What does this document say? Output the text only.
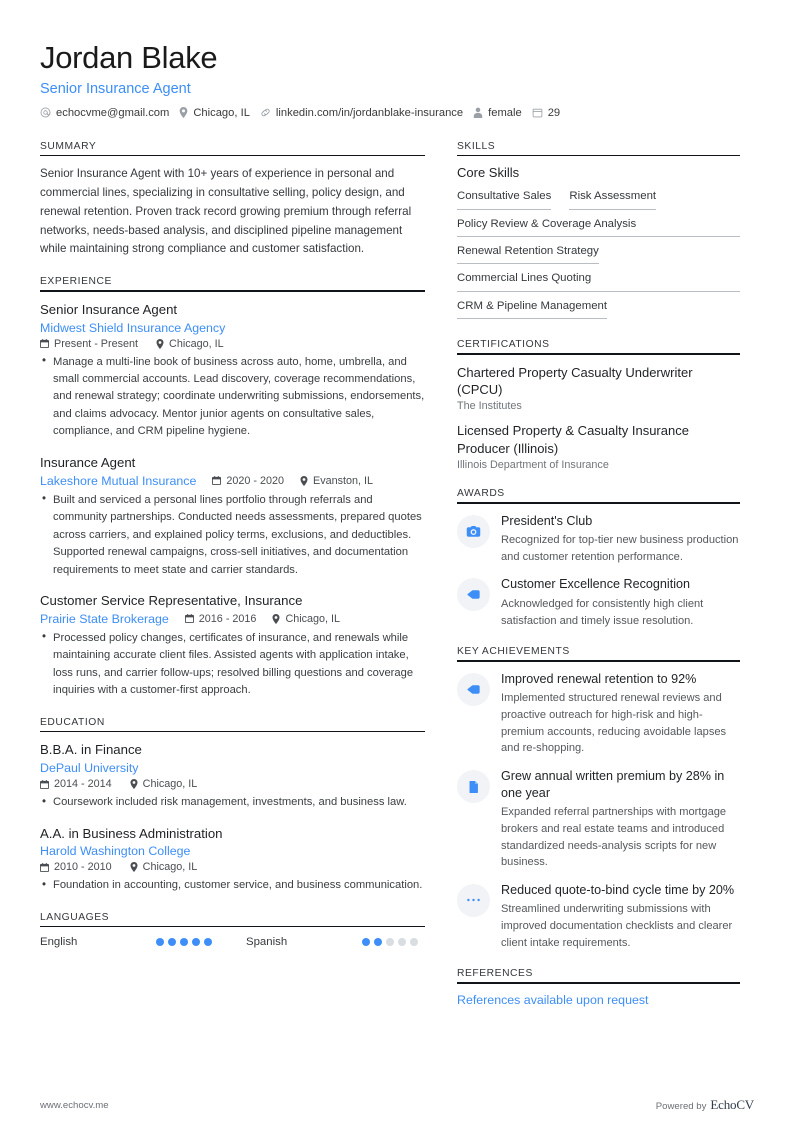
Jordan Blake
Senior Insurance Agent
echocvme@gmail.com Chicago, IL linkedin.com/in/jordanblake-insurance female 29
SUMMARY
Senior Insurance Agent with 10+ years of experience in personal and commercial lines, specializing in consultative selling, policy design, and renewal retention. Proven track record growing premium through referral networks, needs-based analysis, and disciplined pipeline management while maintaining strong compliance and customer satisfaction.
EXPERIENCE
Senior Insurance Agent
Midwest Shield Insurance Agency
Present - Present	Chicago, IL
• Manage a multi-line book of business across auto, home, umbrella, and small commercial accounts. Lead discovery, coverage recommendations, and renewal strategy; coordinate underwriting submissions, endorsements, and claims advocacy. Mentor junior agents on consultative sales, compliance, and CRM pipeline hygiene.
Insurance Agent
Lakeshore Mutual Insurance	2020 - 2020	Evanston, IL
• Built and serviced a personal lines portfolio through referrals and community partnerships. Conducted needs assessments, prepared quotes across carriers, and explained policy terms, exclusions, and deductibles. Supported renewal campaigns, cross-sell initiatives, and documentation requirements to meet state and carrier standards.
Customer Service Representative, Insurance
Prairie State Brokerage	2016 - 2016	Chicago, IL
• Processed policy changes, certificates of insurance, and renewals while maintaining accurate client files. Assisted agents with application intake, loss runs, and carrier follow-ups; resolved billing questions and coverage inquiries with a customer-first approach.
EDUCATION
B.B.A. in Finance
DePaul University
2014 - 2014	Chicago, IL
• Coursework included risk management, investments, and business law.
A.A. in Business Administration
Harold Washington College
2010 - 2010	Chicago, IL
• Foundation in accounting, customer service, and business communication.
LANGUAGES
English	Spanish
SKILLS
Core Skills
Consultative Sales Risk Assessment
Policy Review & Coverage Analysis
Renewal Retention Strategy
Commercial Lines Quoting
CRM & Pipeline Management
CERTIFICATIONS
Chartered Property Casualty Underwriter (CPCU)
The Institutes
Licensed Property & Casualty Insurance Producer (Illinois)
Illinois Department of Insurance
AWARDS
President's Club
Recognized for top-tier new business production and customer retention performance.
Customer Excellence Recognition
Acknowledged for consistently high client satisfaction and timely issue resolution.
KEY ACHIEVEMENTS
Improved renewal retention to 92%
Implemented structured renewal reviews and proactive outreach for high-risk and high-premium accounts, reducing avoidable lapses and re-shopping.
Grew annual written premium by 28% in one year
Expanded referral partnerships with mortgage brokers and real estate teams and introduced standardized needs-analysis scripts for new business.
Reduced quote-to-bind cycle time by 20%
Streamlined underwriting submissions with improved documentation checklists and clearer client intake requirements.
REFERENCES
References available upon request
www.echocv.me	Powered by EchoCV
